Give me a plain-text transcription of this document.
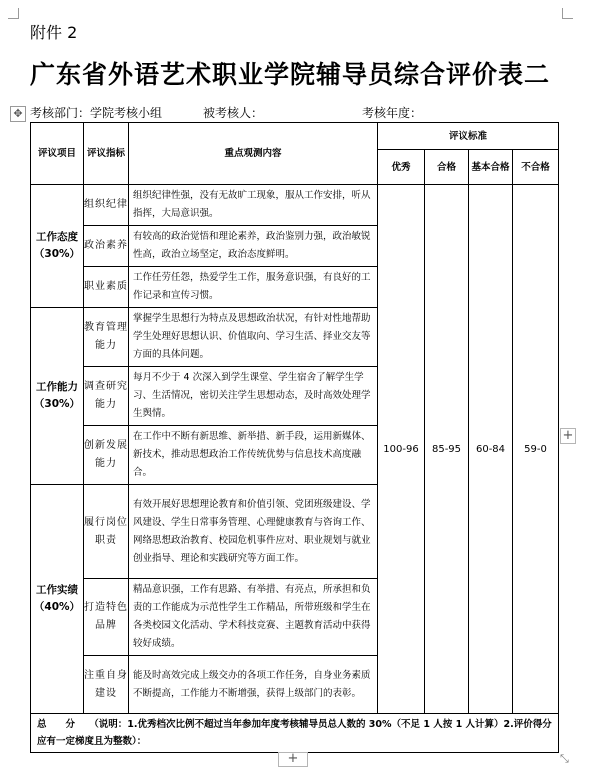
附件 2
广东省外语艺术职业学院辅导员综合评价表二
✥ 考核部门：学院考核小组	被考核人：	考核年度：
评议项目	评议指标	重点观测内容	评议标准			
			优秀	合格	基本合格	不合格
工作态度
（30%）	组织纪律	组织纪律性强，没有无故旷工现象，服从工作安排，听从指挥，大局意识强。	100-96	85-95	60-84	59-0
	政治素养	有较高的政治觉悟和理论素养，政治鉴别力强，政治敏锐性高，政治立场坚定，政治态度鲜明。				
	职业素质	工作任劳任怨，热爱学生工作，服务意识强，有良好的工作记录和宣传习惯。				
工作能力
（30%）	教育管理能力	掌握学生思想行为特点及思想政治状况，有针对性地帮助学生处理好思想认识、价值取向、学习生活、择业交友等方面的具体问题。				
	调查研究能力	每月不少于 4 次深入到学生课堂、学生宿舍了解学生学习、生活情况，密切关注学生思想动态，及时高效处理学生舆情。				
	创新发展能力	在工作中不断有新思维、新举措、新手段，运用新媒体、新技术，推动思想政治工作传统优势与信息技术高度融合。				
工作实绩
（40%）	履行岗位职责	有效开展好思想理论教育和价值引领、党团班级建设、学风建设、学生日常事务管理、心理健康教育与咨询工作、网络思想政治教育、校园危机事件应对、职业规划与就业创业指导、理论和实践研究等方面工作。				
	打造特色品牌	精品意识强，工作有思路、有举措、有亮点，所承担和负责的工作能成为示范性学生工作精品，所带班级和学生在各类校园文化活动、学术科技竞赛、主题教育活动中获得较好成绩。				
	注重自身建设	能及时高效完成上级交办的各项工作任务，自身业务素质不断提高，工作能力不断增强，获得上级部门的表彰。				
总　　分　　 （说明：1.优秀档次比例不超过当年参加年度考核辅导员总人数的 30%（不足 1 人按 1 人计算）2.评价得分应有一定梯度且为整数）：						
+
+	⤡
